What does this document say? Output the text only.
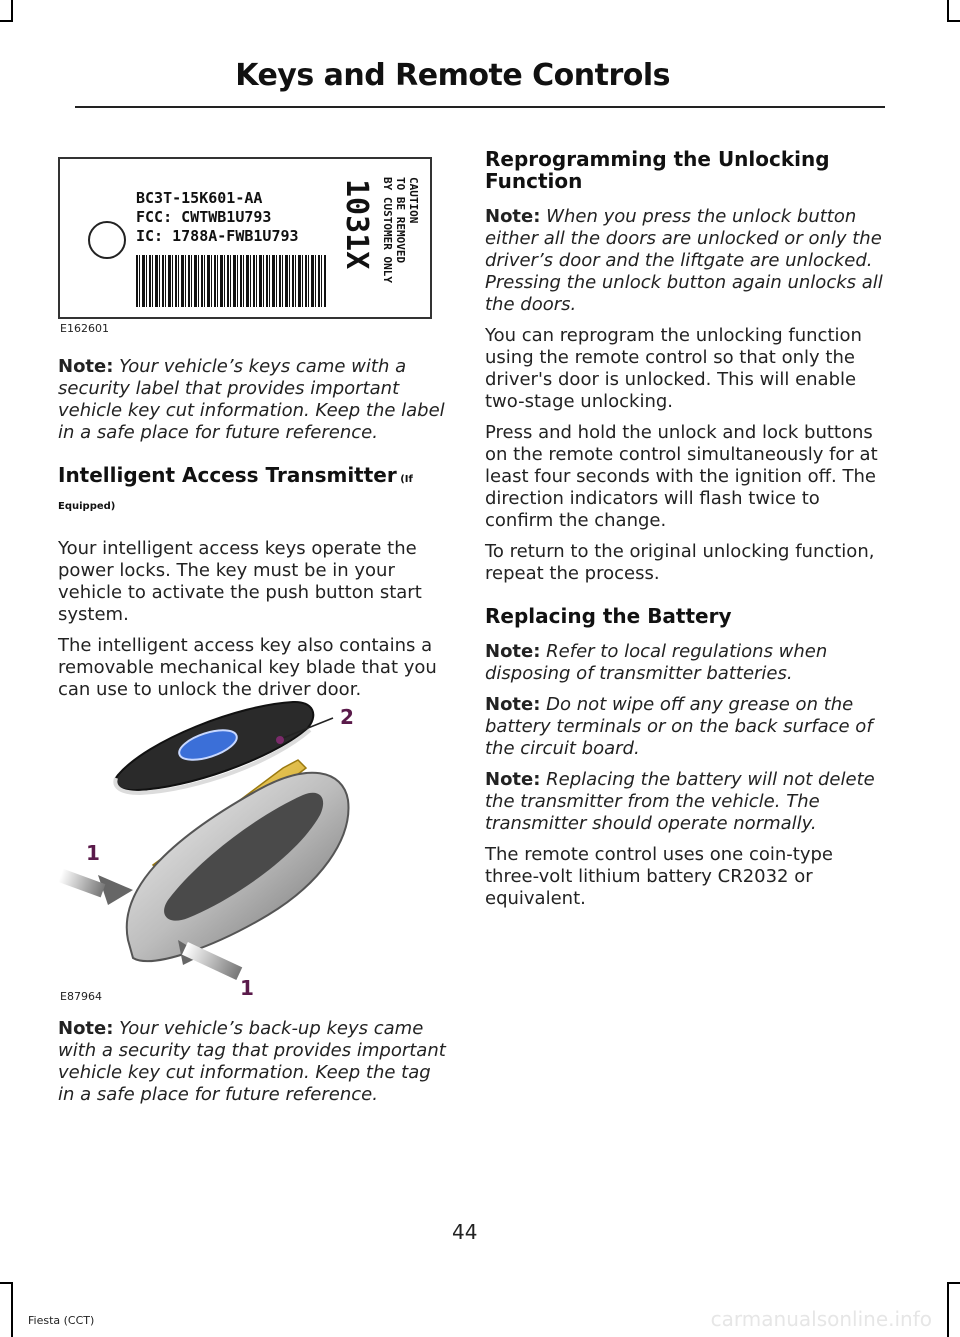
Keys and Remote Controls
BC3T-15K601-AA
FCC: CWTWB1U793
IC: 1788A-FWB1U793 1031X	CAUTION
TO BE REMOVED
BY CUSTOMER ONLY
E162601

Note: Your vehicle’s keys came with a security label that provides important vehicle key cut information. Keep the label in a safe place for future reference.

Intelligent Access Transmitter (If Equipped)

Your intelligent access keys operate the power locks. The key must be in your vehicle to activate the push button start system.

The intelligent access key also contains a removable mechanical key blade that you can use to unlock the driver door.

2
1
1
E87964

Note: Your vehicle’s back-up keys came with a security tag that provides important vehicle key cut information. Keep the tag in a safe place for future reference.

Reprogramming the Unlocking Function

Note: When you press the unlock button either all the doors are unlocked or only the driver’s door and the liftgate are unlocked. Pressing the unlock button again unlocks all the doors.

You can reprogram the unlocking function using the remote control so that only the driver's door is unlocked. This will enable two-stage unlocking.

Press and hold the unlock and lock buttons on the remote control simultaneously for at least four seconds with the ignition off. The direction indicators will flash twice to confirm the change.

To return to the original unlocking function, repeat the process.

Replacing the Battery

Note: Refer to local regulations when disposing of transmitter batteries.

Note: Do not wipe off any grease on the battery terminals or on the back surface of the circuit board.

Note: Replacing the battery will not delete the transmitter from the vehicle. The transmitter should operate normally.

The remote control uses one coin-type three-volt lithium battery CR2032 or equivalent.

44
Fiesta (CCT)	carmanualsonline.info
